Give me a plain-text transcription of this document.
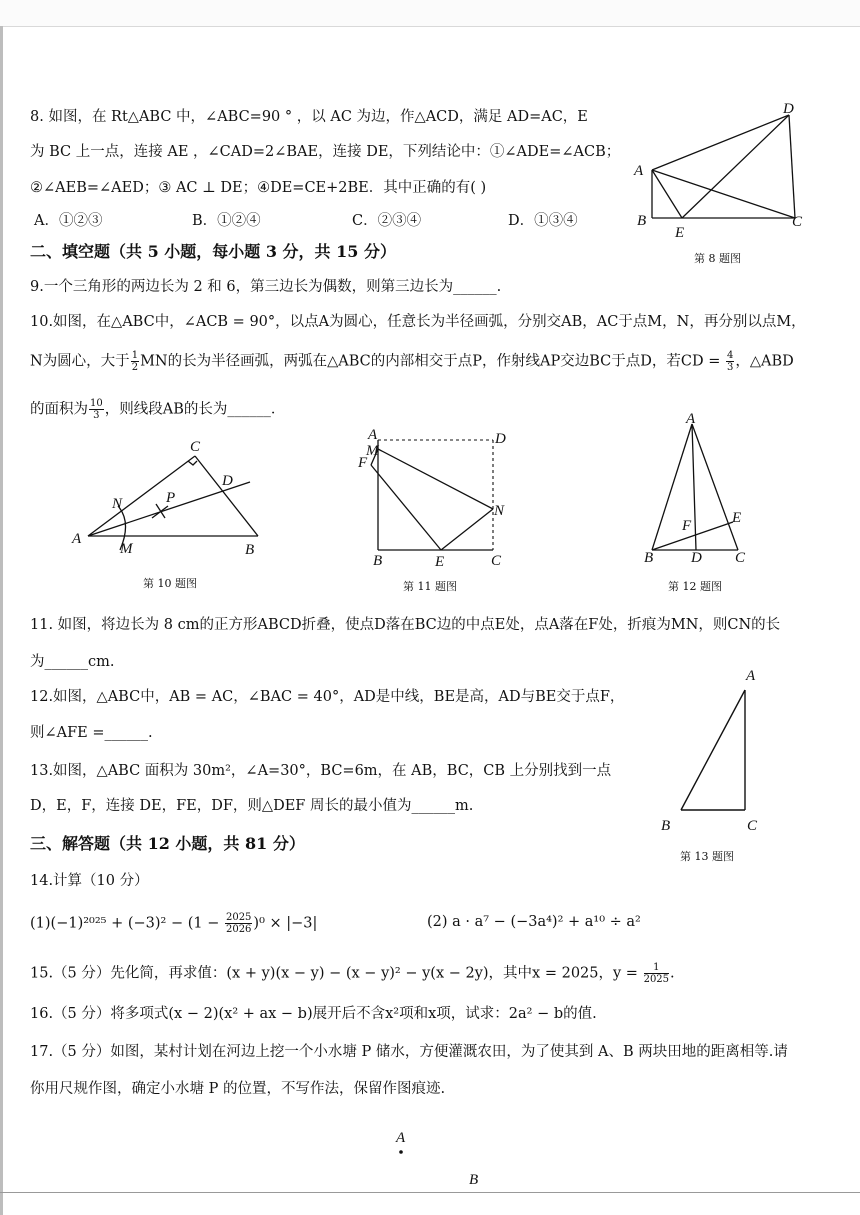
8. 如图，在 Rt△ABC 中，∠ABC=90 ° ，以 AC 为边，作△ACD，满足 AD=AC，E
为 BC 上一点，连接 AE ，∠CAD=2∠BAE，连接 DE，下列结论中：①∠ADE=∠ACB；
②∠AEB=∠AED；③ AC ⊥ DE；④DE=CE+2BE．其中正确的有( )
A．①②③	B．①②④	C．②③④	D．①③④
A
B	C
D
E
第 8 题图
二、填空题（共 5 小题，每小题 3 分，共 15 分）
9.一个三角形的两边长为 2 和 6，第三边长为偶数，则第三边长为______.
10.如图，在△ABC中，∠ACB = 90°，以点A为圆心，任意长为半径画弧，分别交AB，AC于点M，N，再分别以点M，
N为圆心，大于 $\frac{1}{2}$ MN的长为半径画弧，两弧在△ABC的内部相交于点P，作射线AP交边BC于点D，若CD = $\frac{4}{3}$ ，△ABD
的面积为 $\frac{10}{3}$ ，则线段AB的长为______．
A
B
C
D
M
N	P
第 10 题图
A
B	C
D
E
F
M
N
第 11 题图
A
B	C
D
E
F
第 12 题图
11. 如图，将边长为 8 cm的正方形ABCD折叠，使点D落在BC边的中点E处，点A落在F处，折痕为MN，则CN的长
为______cm.
12.如图，△ABC中，AB = AC，∠BAC = 40°，AD是中线，BE是高，AD与BE交于点F，
则∠AFE =______.
13.如图，△ABC 面积为 30m²，∠A=30°，BC=6m，在 AB，BC，CB 上分别找到一点
D，E，F，连接 DE，FE，DF，则△DEF 周长的最小值为______m.
A
B	C
第 13 题图
三、解答题（共 12 小题，共 81 分）
14.计算（10 分）
$(1)(-1)^{2025} + (-3)^2 - (1 - \frac{2025}{2026} )^0 \times |-3|$	(2) a · a⁷ − (−3a⁴)² + a¹⁰ ÷ a²
15.（5 分）先化简，再求值：(x + y)(x − y) − (x − y)² − y(x − 2y)，其中x = 2025，$y = \frac{1}{2025}$ .
16.（5 分）将多项式(x − 2)(x² + ax − b)展开后不含x²项和x项，试求：2a² − b的值.
17.（5 分）如图，某村计划在河边上挖一个小水塘 P 储水，方便灌溉农田，为了使其到 A、B 两块田地的距离相等.请
你用尺规作图，确定小水塘 P 的位置，不写作法，保留作图痕迹.
A
B
